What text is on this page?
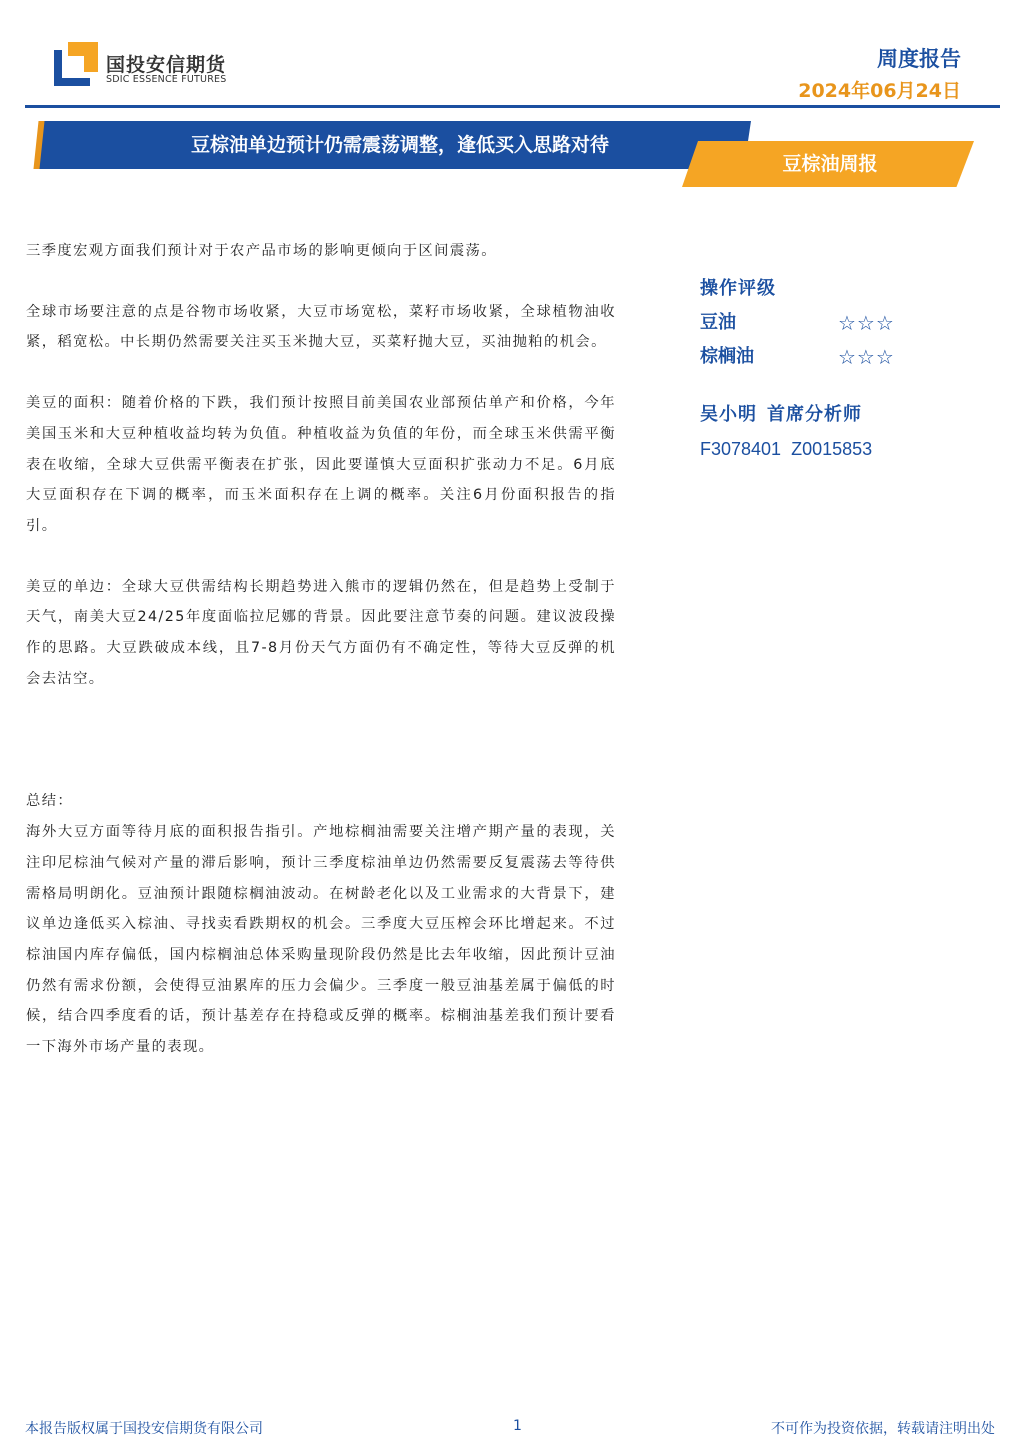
国投安信期货
SDIC ESSENCE FUTURES
周度报告
2024年06月24日
豆棕油单边预计仍需震荡调整，逢低买入思路对待
豆棕油周报

三季度宏观方面我们预计对于农产品市场的影响更倾向于区间震荡。

全球市场要注意的点是谷物市场收紧，大豆市场宽松，菜籽市场收紧，全球植物油收紧，稻宽松。中长期仍然需要关注买玉米抛大豆，买菜籽抛大豆，买油抛粕的机会。

美豆的面积：随着价格的下跌，我们预计按照目前美国农业部预估单产和价格，今年美国玉米和大豆种植收益均转为负值。种植收益为负值的年份，而全球玉米供需平衡表在收缩，全球大豆供需平衡表在扩张，因此要谨慎大豆面积扩张动力不足。6月底大豆面积存在下调的概率，而玉米面积存在上调的概率。关注6月份面积报告的指引。

美豆的单边：全球大豆供需结构长期趋势进入熊市的逻辑仍然在，但是趋势上受制于天气，南美大豆24/25年度面临拉尼娜的背景。因此要注意节奏的问题。建议波段操作的思路。大豆跌破成本线，且7-8月份天气方面仍有不确定性，等待大豆反弹的机会去沽空。

总结：

海外大豆方面等待月底的面积报告指引。产地棕榈油需要关注增产期产量的表现，关注印尼棕油气候对产量的滞后影响，预计三季度棕油单边仍然需要反复震荡去等待供需格局明朗化。豆油预计跟随棕榈油波动。在树龄老化以及工业需求的大背景下，建议单边逢低买入棕油、寻找卖看跌期权的机会。三季度大豆压榨会环比增起来。不过棕油国内库存偏低，国内棕榈油总体采购量现阶段仍然是比去年收缩，因此预计豆油仍然有需求份额，会使得豆油累库的压力会偏少。三季度一般豆油基差属于偏低的时候，结合四季度看的话，预计基差存在持稳或反弹的概率。棕榈油基差我们预计要看一下海外市场产量的表现。

操作评级
豆油	☆☆☆
棕榈油	☆☆☆
吴小明 首席分析师
F3078401 Z0015853
本报告版权属于国投安信期货有限公司	1	不可作为投资依据，转载请注明出处
